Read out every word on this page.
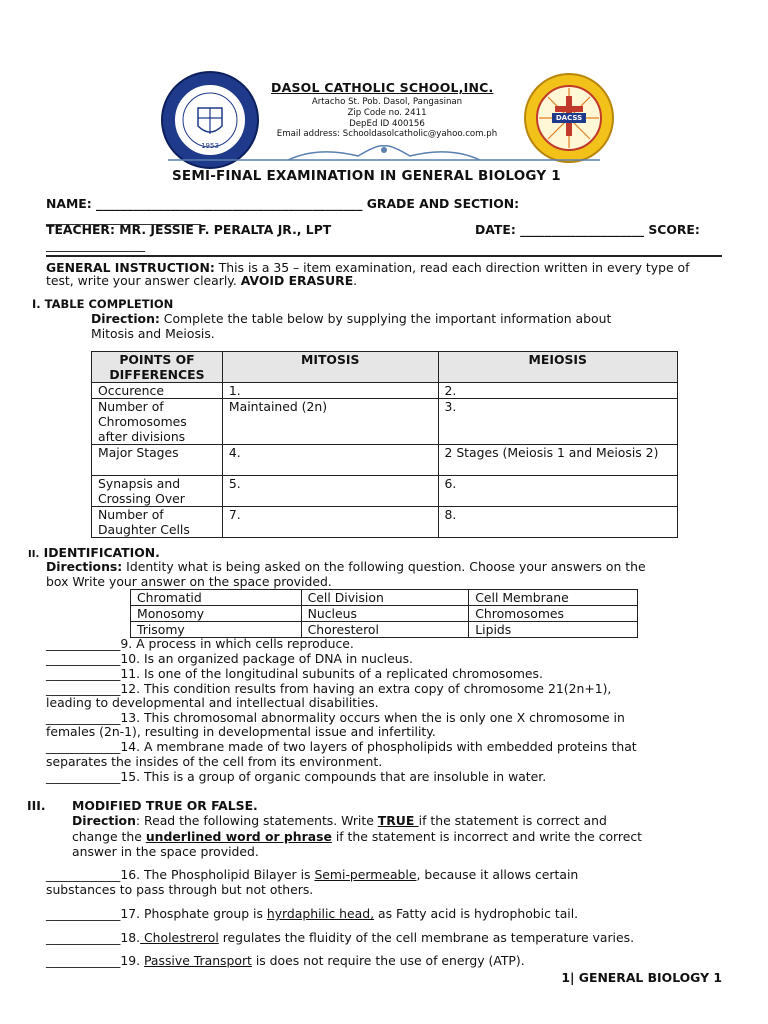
1953
DASOL CATHOLIC SCHOOL,INC.
Artacho St. Pob. Dasol, Pangasinan
Zip Code no. 2411
DepEd ID 400156
Email address: Schooldasolcatholic@yahoo.com.ph
DACSS
SEMI-FINAL EXAMINATION IN GENERAL BIOLOGY 1
NAME: ___________________________________________ GRADE AND SECTION:
_________________________
TEACHER: MR. JESSIE F. PERALTA JR., LPT	DATE: ____________________ SCORE:
________________
GENERAL INSTRUCTION: This is a 35 – item examination, read each direction written in every type of
test, write your answer clearly. AVOID ERASURE.
I. TABLE COMPLETION
Direction: Complete the table below by supplying the important information about
Mitosis and Meiosis.
POINTS OF DIFFERENCES	MITOSIS	MEIOSIS
Occurence	1.	2.
Number of Chromosomes after divisions	Maintained (2n)	3.
Major Stages	4.	2 Stages (Meiosis 1 and Meiosis 2)
Synapsis and Crossing Over	5.	6.
Number of Daughter Cells	7.	8.
II. IDENTIFICATION.
Directions: Identity what is being asked on the following question. Choose your answers on the
box Write your answer on the space provided.
Chromatid	Cell Division	Cell Membrane
Monosomy	Nucleus	Chromosomes
Trisomy	Choresterol	Lipids
____________9. A process in which cells reproduce.
____________10. Is an organized package of DNA in nucleus.
____________11. Is one of the longitudinal subunits of a replicated chromosomes.
____________12. This condition results from having an extra copy of chromosome 21(2n+1),
leading to developmental and intellectual disabilities.
____________13. This chromosomal abnormality occurs when the is only one X chromosome in
females (2n-1), resulting in developmental issue and infertility.
____________14. A membrane made of two layers of phospholipids with embedded proteins that
separates the insides of the cell from its environment.
____________15. This is a group of organic compounds that are insoluble in water.
III. MODIFIED TRUE OR FALSE.
Direction: Read the following statements. Write TRUE if the statement is correct and
change the underlined word or phrase if the statement is incorrect and write the correct
answer in the space provided.
____________16. The Phospholipid Bilayer is Semi-permeable, because it allows certain
substances to pass through but not others.
____________17. Phosphate group is hyrdaphilic head, as Fatty acid is hydrophobic tail.
____________18. Cholestrerol regulates the fluidity of the cell membrane as temperature varies.
____________19. Passive Transport is does not require the use of energy (ATP).
1| GENERAL BIOLOGY 1
